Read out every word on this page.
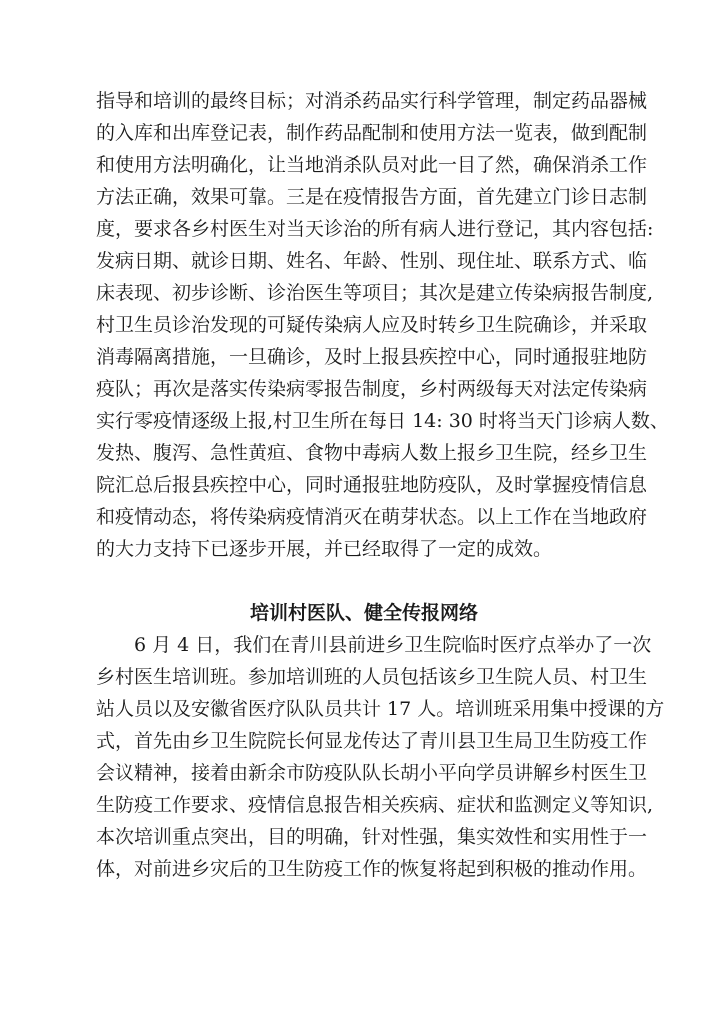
指导和培训的最终目标；对消杀药品实行科学管理，制定药品器械
的入库和出库登记表，制作药品配制和使用方法一览表，做到配制
和使用方法明确化，让当地消杀队员对此一目了然，确保消杀工作
方法正确，效果可靠。三是在疫情报告方面，首先建立门诊日志制
度，要求各乡村医生对当天诊治的所有病人进行登记，其内容包括:
发病日期、就诊日期、姓名、年龄、性别、现住址、联系方式、临
床表现、初步诊断、诊治医生等项目；其次是建立传染病报告制度,
村卫生员诊治发现的可疑传染病人应及时转乡卫生院确诊，并采取
消毒隔离措施，一旦确诊，及时上报县疾控中心，同时通报驻地防
疫队；再次是落实传染病零报告制度，乡村两级每天对法定传染病
实行零疫情逐级上报,村卫生所在每日 14: 30 时将当天门诊病人数、
发热、腹泻、急性黄疸、食物中毒病人数上报乡卫生院，经乡卫生
院汇总后报县疾控中心，同时通报驻地防疫队，及时掌握疫情信息
和疫情动态，将传染病疫情消灭在萌芽状态。以上工作在当地政府
的大力支持下已逐步开展，并已经取得了一定的成效。
培训村医队、健全传报网络
　　6 月 4 日，我们在青川县前进乡卫生院临时医疗点举办了一次
乡村医生培训班。参加培训班的人员包括该乡卫生院人员、村卫生
站人员以及安徽省医疗队队员共计 17 人。培训班采用集中授课的方
式，首先由乡卫生院院长何显龙传达了青川县卫生局卫生防疫工作
会议精神，接着由新余市防疫队队长胡小平向学员讲解乡村医生卫
生防疫工作要求、疫情信息报告相关疾病、症状和监测定义等知识,
本次培训重点突出，目的明确，针对性强，集实效性和实用性于一
体，对前进乡灾后的卫生防疫工作的恢复将起到积极的推动作用。
